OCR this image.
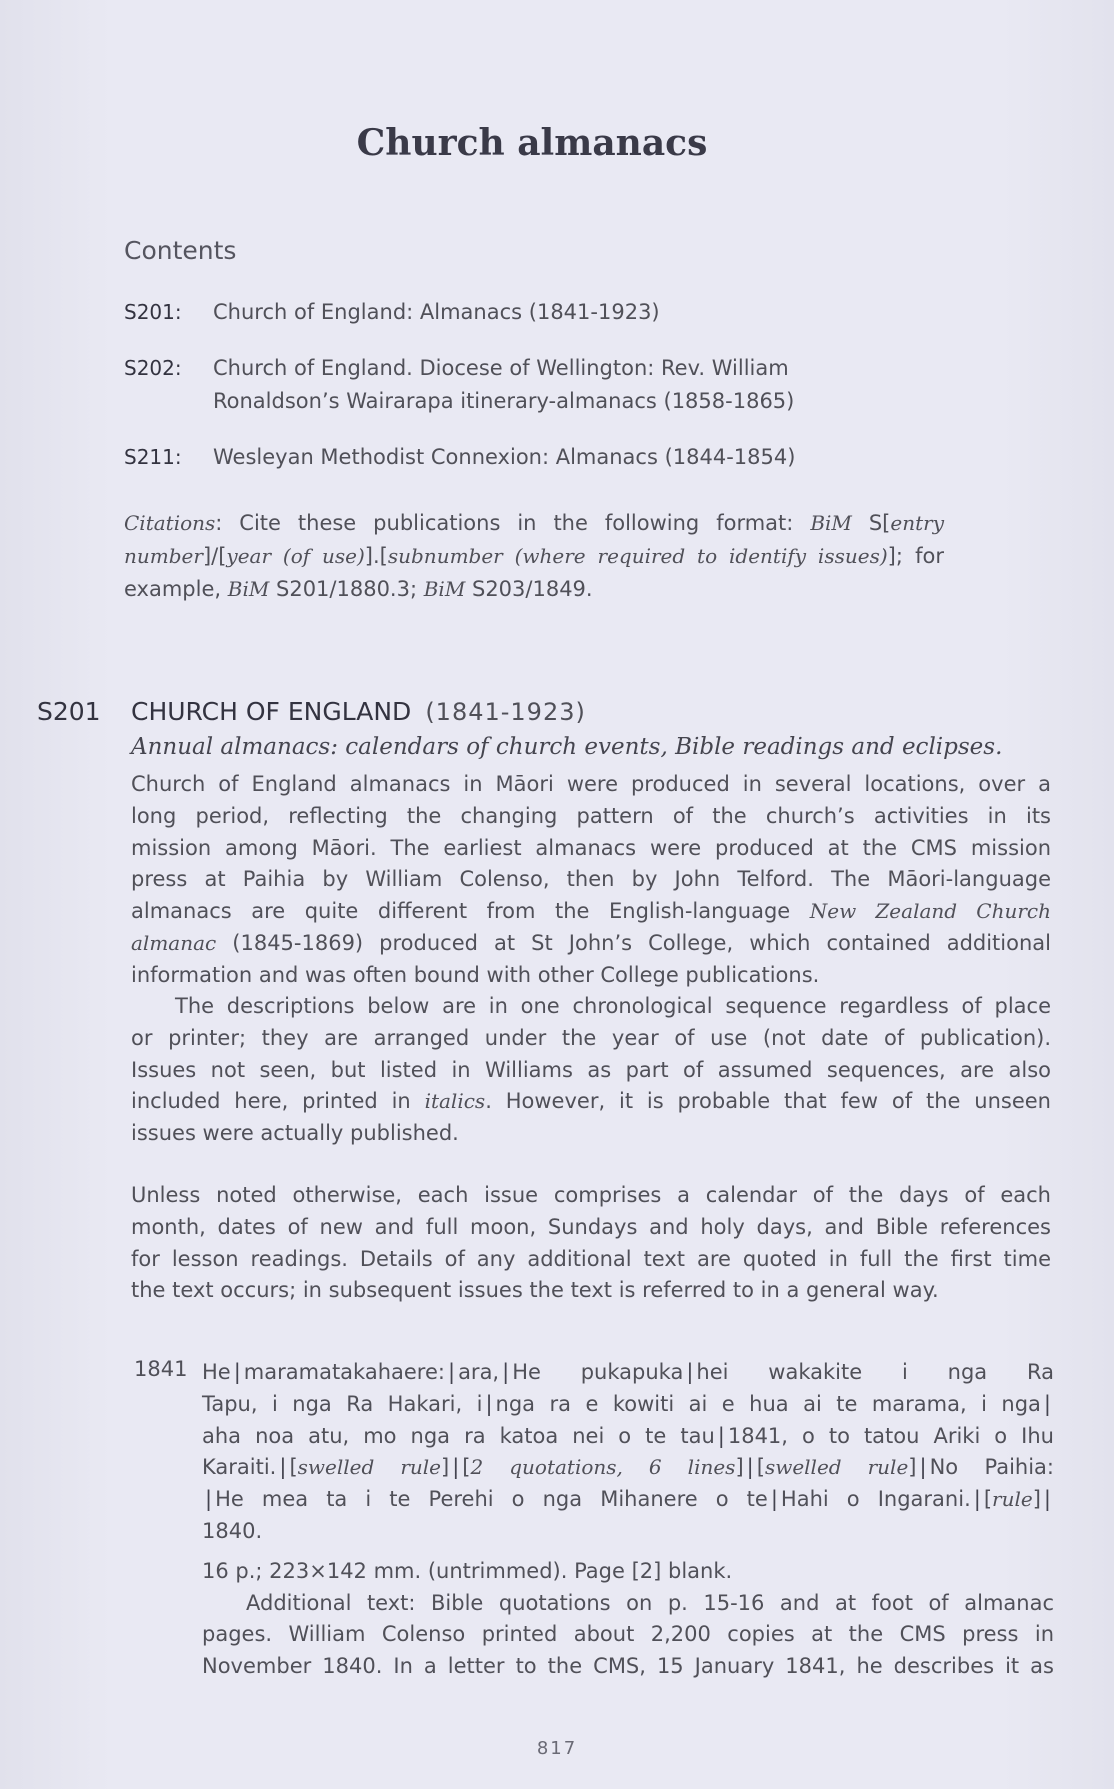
Church almanacs
Contents
S201:	Church of England: Almanacs (1841-1923)
S202:	Church of England. Diocese of Wellington: Rev. William
Ronaldson’s Wairarapa itinerary-almanacs (1858-1865)
S211:	Wesleyan Methodist Connexion: Almanacs (1844-1854)

Citations: Cite these publications in the following format: BiM S[entry
number]/[year (of use)].[subnumber (where required to identify issues)]; for
example, BiM S201/1880.3; BiM S203/1849.

S201 CHURCH OF ENGLAND (1841-1923)

Annual almanacs: calendars of church events, Bible readings and eclipses.

Church of England almanacs in Māori were produced in several locations, over a
long period, reflecting the changing pattern of the church’s activities in its
mission among Māori. The earliest almanacs were produced at the CMS mission
press at Paihia by William Colenso, then by John Telford. The Māori-language
almanacs are quite different from the English-language New Zealand Church
almanac (1845-1869) produced at St John’s College, which contained additional
information and was often bound with other College publications.

The descriptions below are in one chronological sequence regardless of place
or printer; they are arranged under the year of use (not date of publication).
Issues not seen, but listed in Williams as part of assumed sequences, are also
included here, printed in italics. However, it is probable that few of the unseen
issues were actually published.

Unless noted otherwise, each issue comprises a calendar of the days of each
month, dates of new and full moon, Sundays and holy days, and Bible references
for lesson readings. Details of any additional text are quoted in full the first time
the text occurs; in subsequent issues the text is referred to in a general way.

1841 He | maramatakahaere: | ara, | He pukapuka | hei wakakite i nga Ra
Tapu, i nga Ra Hakari, i | nga ra e kowiti ai e hua ai te marama, i nga |
aha noa atu, mo nga ra katoa nei o te tau | 1841, o to tatou Ariki o Ihu
Karaiti. | [swelled rule] | [2 quotations, 6 lines] | [swelled rule] | No Paihia:
| He mea ta i te Perehi o nga Mihanere o te | Hahi o Ingarani. | [rule] |
1840.
16 p.; 223×142 mm. (untrimmed). Page [2] blank.
Additional text: Bible quotations on p. 15-16 and at foot of almanac
pages. William Colenso printed about 2,200 copies at the CMS press in
November 1840. In a letter to the CMS, 15 January 1841, he describes it as

817
